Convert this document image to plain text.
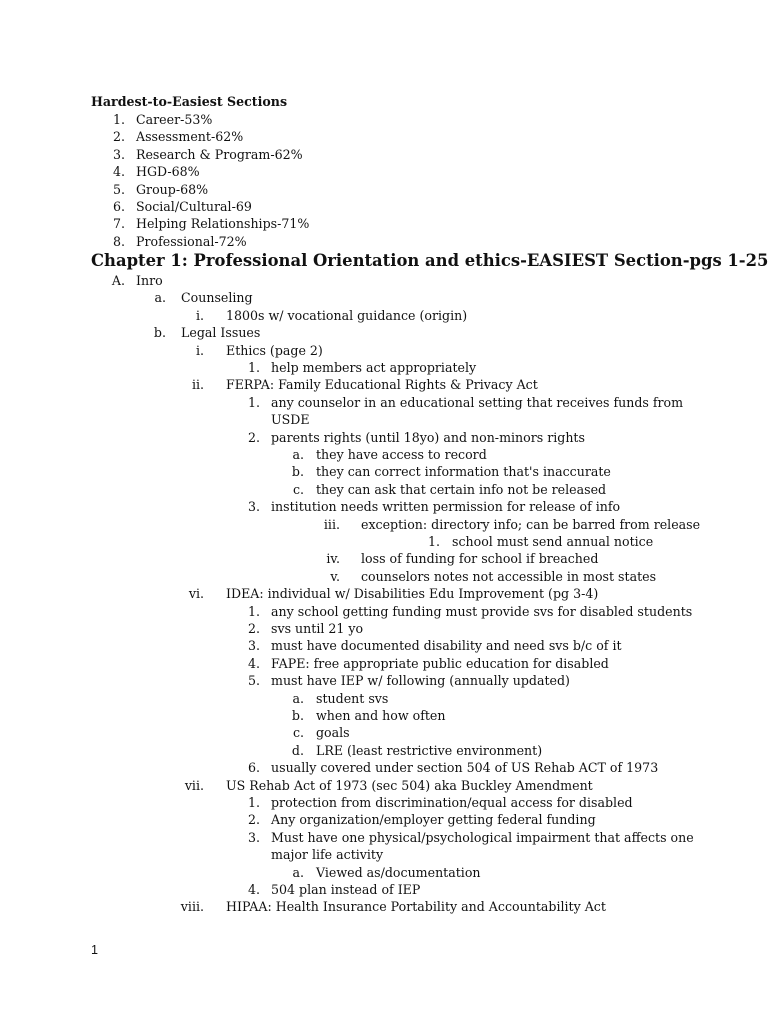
Hardest-to-Easiest Sections
1. Career-53%
2. Assessment-62%
3. Research & Program-62%
4. HGD-68%
5. Group-68%
6. Social/Cultural-69
7. Helping Relationships-71%
8. Professional-72%
Chapter 1: Professional Orientation and ethics-EASIEST Section-pgs 1-25
A. Inro
a. Counseling
i. 1800s w/ vocational guidance (origin)
b. Legal Issues
i. Ethics (page 2)
1. help members act appropriately
ii. FERPA: Family Educational Rights & Privacy Act
1. any counselor in an educational setting that receives funds from
USDE
2. parents rights (until 18yo) and non-minors rights
a. they have access to record
b. they can correct information that's inaccurate
c. they can ask that certain info not be released
3. institution needs written permission for release of info
iii. exception: directory info; can be barred from release
1. school must send annual notice
iv. loss of funding for school if breached
v. counselors notes not accessible in most states
vi. IDEA: individual w/ Disabilities Edu Improvement (pg 3-4)
1. any school getting funding must provide svs for disabled students
2. svs until 21 yo
3. must have documented disability and need svs b/c of it
4. FAPE: free appropriate public education for disabled
5. must have IEP w/ following (annually updated)
a. student svs
b. when and how often
c. goals
d. LRE (least restrictive environment)
6. usually covered under section 504 of US Rehab ACT of 1973
vii. US Rehab Act of 1973 (sec 504) aka Buckley Amendment
1. protection from discrimination/equal access for disabled
2. Any organization/employer getting federal funding
3. Must have one physical/psychological impairment that affects one
major life activity
a. Viewed as/documentation
4. 504 plan instead of IEP
viii. HIPAA: Health Insurance Portability and Accountability Act
1
